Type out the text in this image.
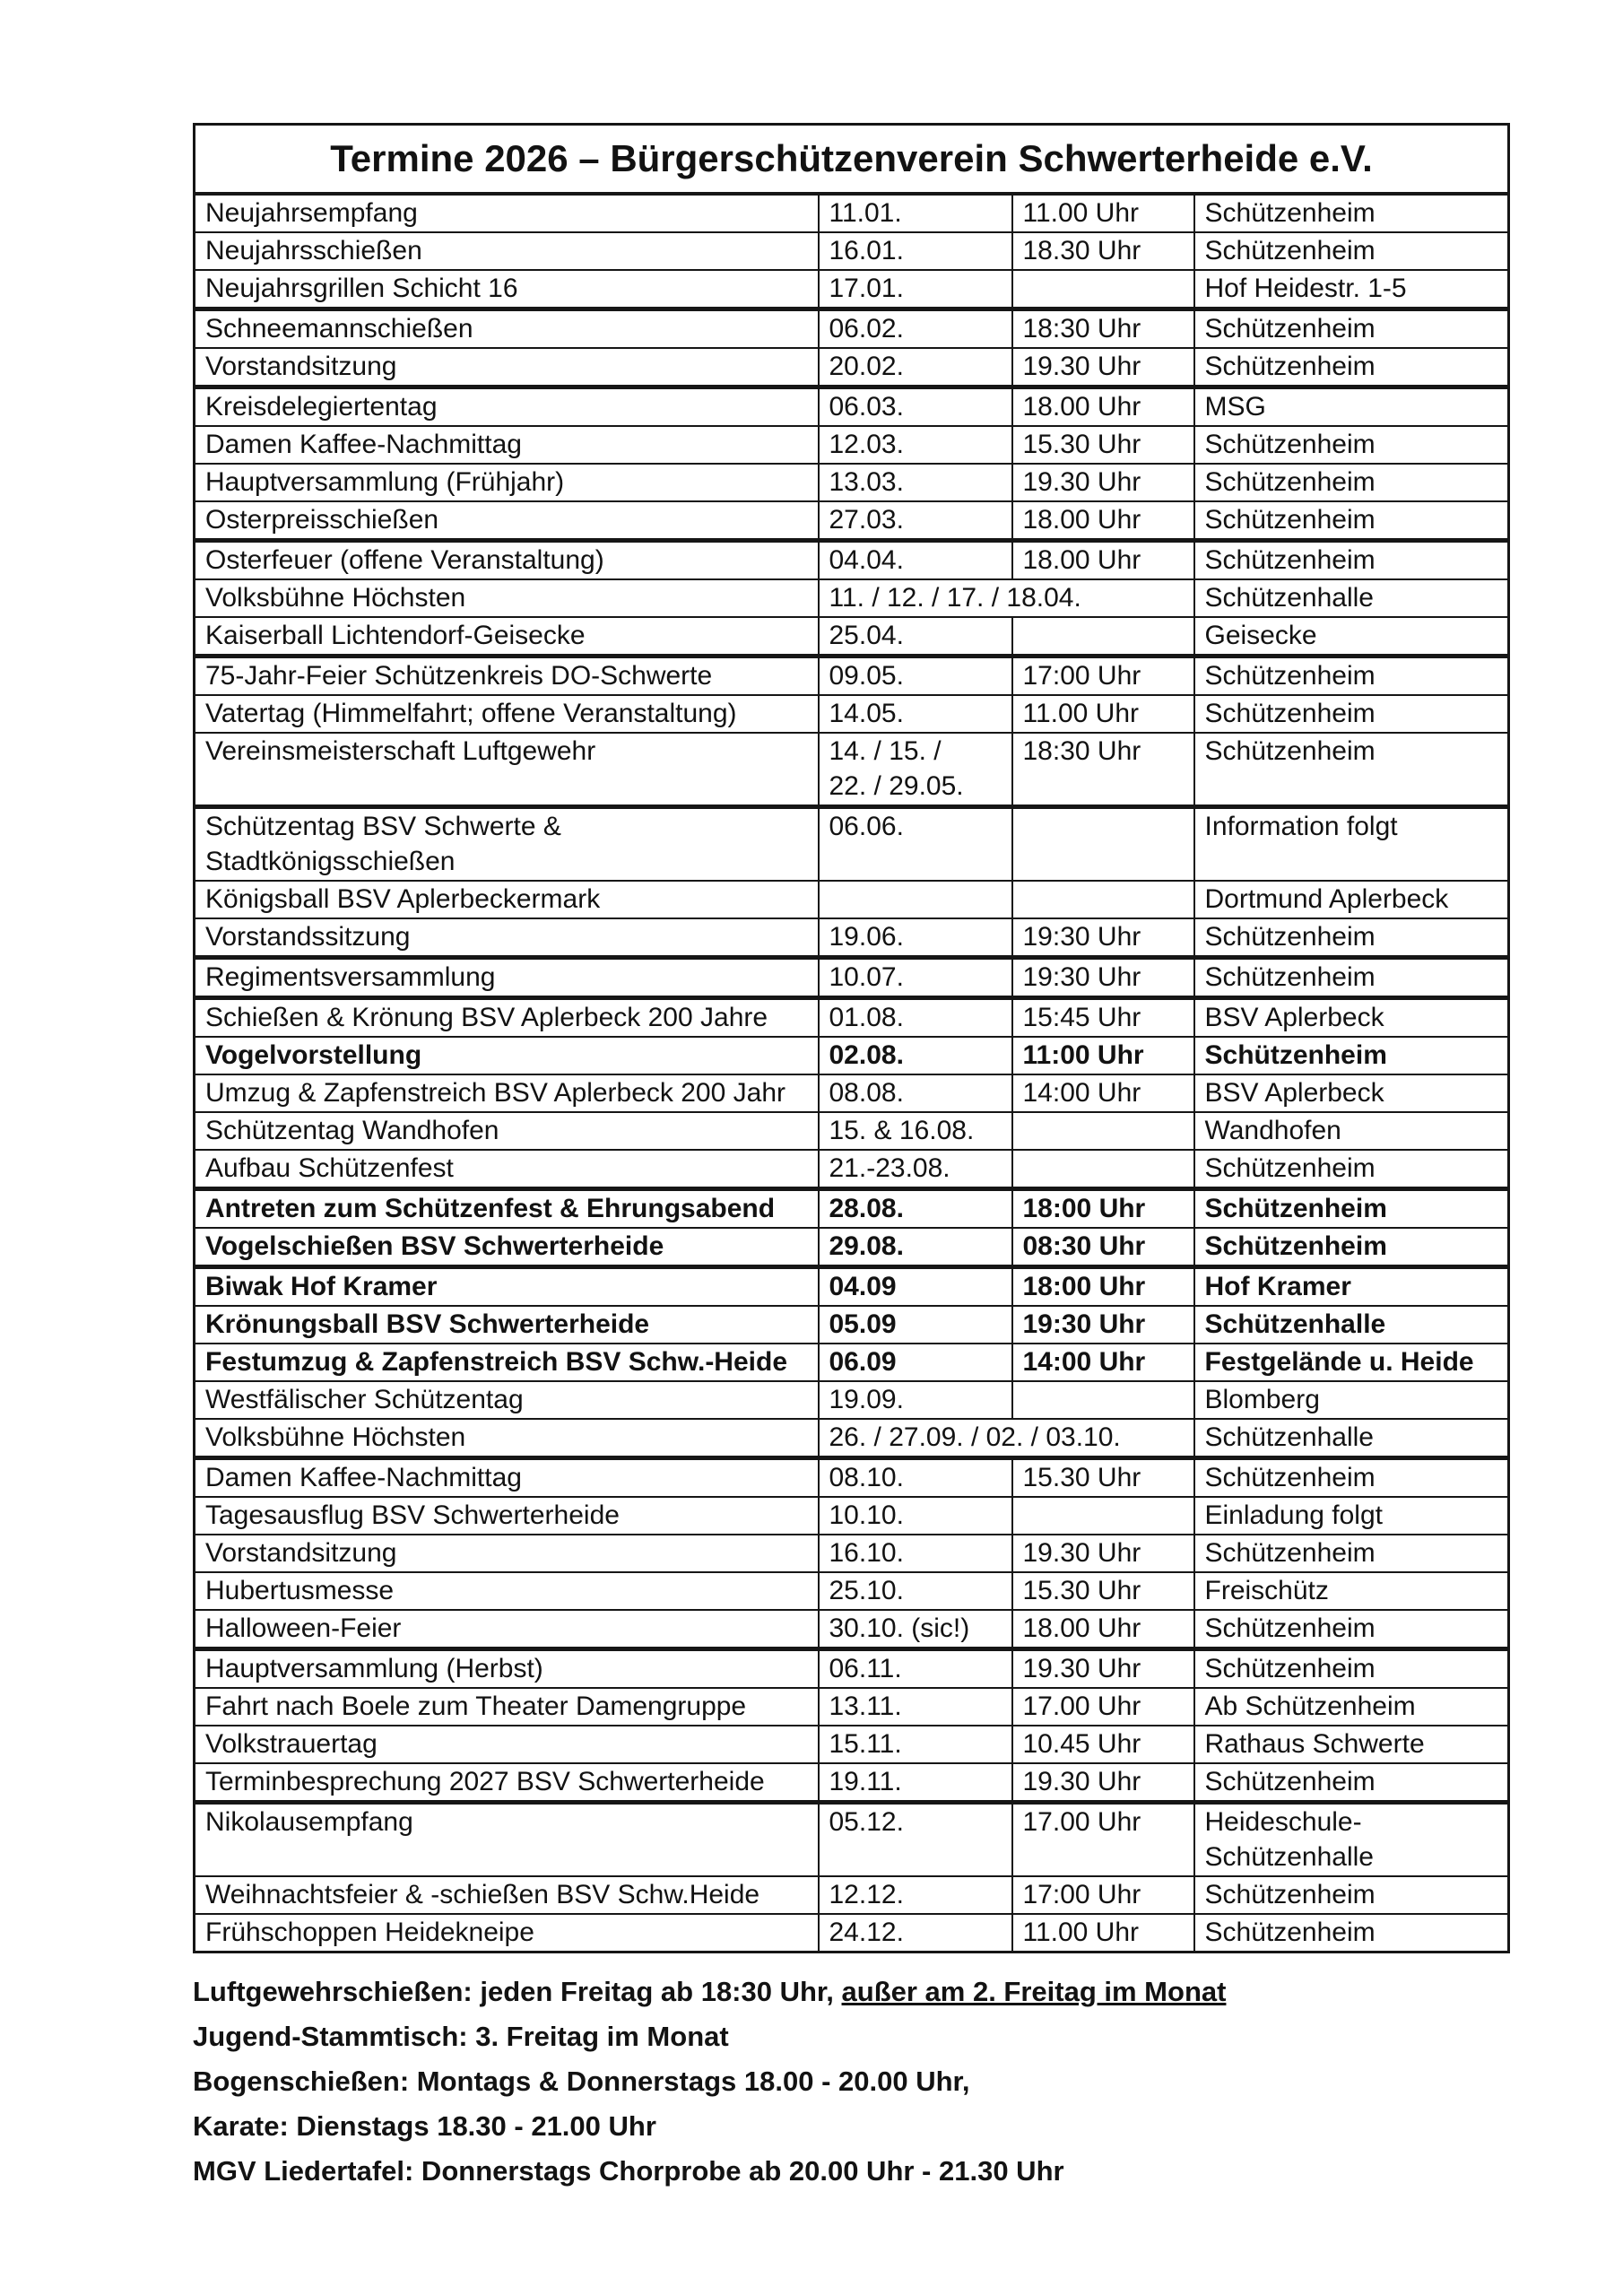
Termine 2026 – Bürgerschützenverein Schwerterheide e.V.			

Neujahrsempfang	11.01.	11.00 Uhr	Schützenheim

Neujahrsschießen	16.01.	18.30 Uhr	Schützenheim

Neujahrsgrillen Schicht 16	17.01.		Hof Heidestr. 1-5

Schneemannschießen	06.02.	18:30 Uhr	Schützenheim

Vorstandsitzung	20.02.	19.30 Uhr	Schützenheim

Kreisdelegiertentag	06.03.	18.00 Uhr	MSG

Damen Kaffee-Nachmittag	12.03.	15.30 Uhr	Schützenheim

Hauptversammlung (Frühjahr)	13.03.	19.30 Uhr	Schützenheim

Osterpreisschießen	27.03.	18.00 Uhr	Schützenheim

Osterfeuer (offene Veranstaltung)	04.04.	18.00 Uhr	Schützenheim

Volksbühne Höchsten	11. / 12. / 17. / 18.04.		Schützenhalle

Kaiserball Lichtendorf-Geisecke	25.04.		Geisecke

75-Jahr-Feier Schützenkreis DO-Schwerte	09.05.	17:00 Uhr	Schützenheim

Vatertag (Himmelfahrt; offene Veranstaltung)	14.05.	11.00 Uhr	Schützenheim

Vereinsmeisterschaft Luftgewehr	14. / 15. /
22. / 29.05.	18:30 Uhr	Schützenheim

Schützentag BSV Schwerte &
Stadtkönigsschießen	06.06.		Information folgt

Königsball BSV Aplerbeckermark			Dortmund Aplerbeck

Vorstandssitzung	19.06.	19:30 Uhr	Schützenheim

Regimentsversammlung	10.07.	19:30 Uhr	Schützenheim

Schießen & Krönung BSV Aplerbeck 200 Jahre	01.08.	15:45 Uhr	BSV Aplerbeck

Vogelvorstellung	02.08.	11:00 Uhr	Schützenheim

Umzug & Zapfenstreich BSV Aplerbeck 200 Jahr	08.08.	14:00 Uhr	BSV Aplerbeck

Schützentag Wandhofen	15. & 16.08.		Wandhofen

Aufbau Schützenfest	21.-23.08.		Schützenheim

Antreten zum Schützenfest & Ehrungsabend	28.08.	18:00 Uhr	Schützenheim

Vogelschießen BSV Schwerterheide	29.08.	08:30 Uhr	Schützenheim

Biwak Hof Kramer	04.09	18:00 Uhr	Hof Kramer

Krönungsball BSV Schwerterheide	05.09	19:30 Uhr	Schützenhalle

Festumzug & Zapfenstreich BSV Schw.-Heide	06.09	14:00 Uhr	Festgelände u. Heide

Westfälischer Schützentag	19.09.		Blomberg

Volksbühne Höchsten	26. / 27.09. / 02. / 03.10.		Schützenhalle

Damen Kaffee-Nachmittag	08.10.	15.30 Uhr	Schützenheim

Tagesausflug BSV Schwerterheide	10.10.		Einladung folgt

Vorstandsitzung	16.10.	19.30 Uhr	Schützenheim

Hubertusmesse	25.10.	15.30 Uhr	Freischütz

Halloween-Feier	30.10. (sic!)	18.00 Uhr	Schützenheim

Hauptversammlung (Herbst)	06.11.	19.30 Uhr	Schützenheim

Fahrt nach Boele zum Theater Damengruppe	13.11.	17.00 Uhr	Ab Schützenheim

Volkstrauertag	15.11.	10.45 Uhr	Rathaus Schwerte

Terminbesprechung 2027 BSV Schwerterheide	19.11.	19.30 Uhr	Schützenheim

Nikolausempfang	05.12.	17.00 Uhr	Heideschule-
Schützenhalle

Weihnachtsfeier & -schießen BSV Schw.Heide	12.12.	17:00 Uhr	Schützenheim

Frühschoppen Heidekneipe	24.12.	11.00 Uhr	Schützenheim
Luftgewehrschießen: jeden Freitag ab 18:30 Uhr, außer am 2. Freitag im Monat
Jugend-Stammtisch: 3. Freitag im Monat
Bogenschießen: Montags & Donnerstags 18.00 - 20.00 Uhr,
Karate: Dienstags 18.30 - 21.00 Uhr
MGV Liedertafel: Donnerstags Chorprobe ab 20.00 Uhr - 21.30 Uhr
